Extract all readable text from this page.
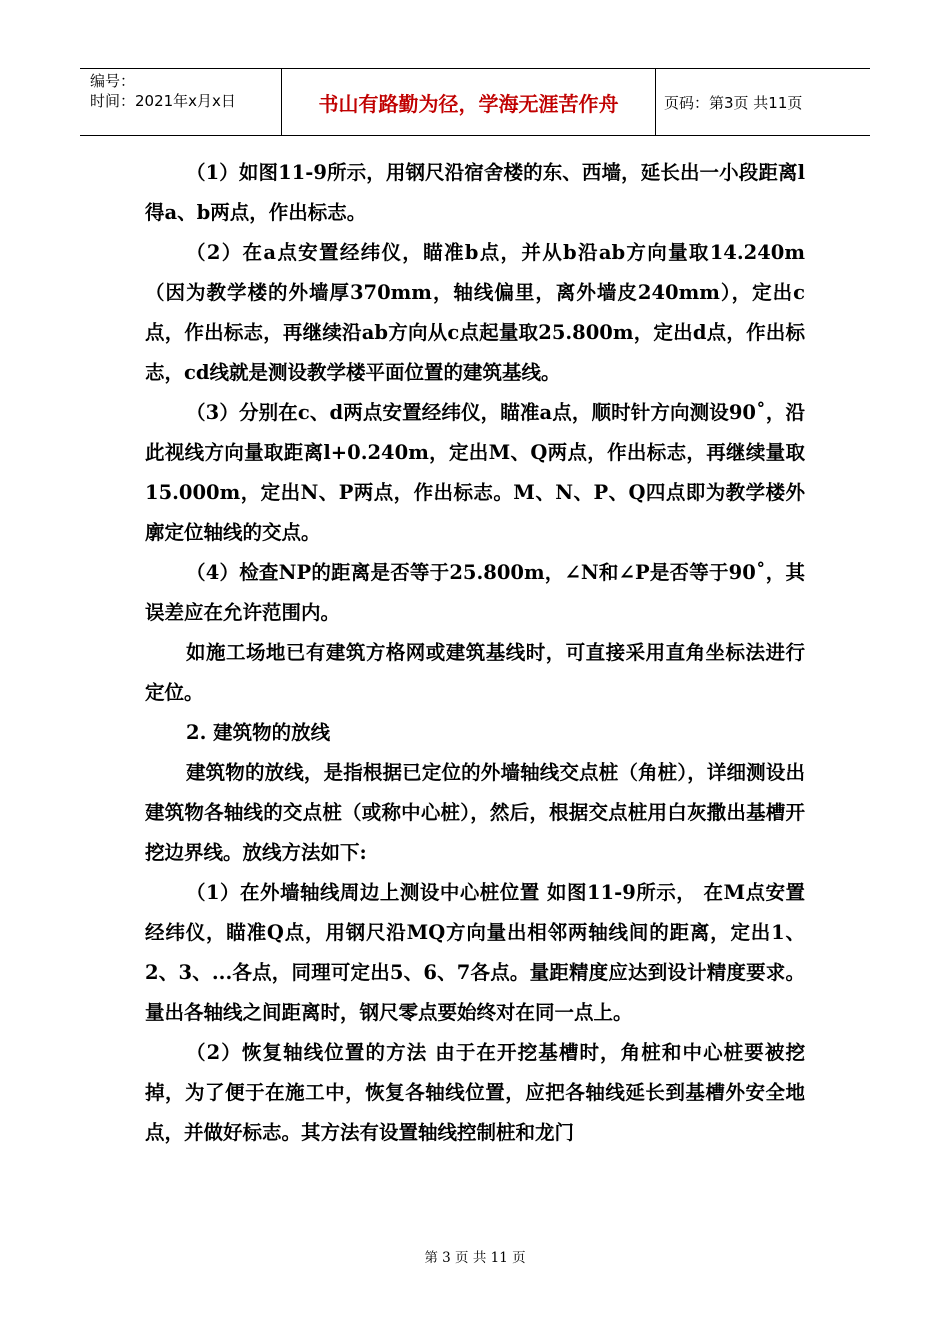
编号：
时间：2021年x月x日	书山有路勤为径，学海无涯苦作舟	页码：第3页 共11页

（1）如图11-9所示，用钢尺沿宿舍楼的东、西墙，延长出一小段距离l得a、b两点，作出标志。

（2）在a点安置经纬仪，瞄准b点，并从b沿ab方向量取14.240m（因为教学楼的外墙厚370mm，轴线偏里，离外墙皮240mm），定出c点，作出标志，再继续沿ab方向从c点起量取25.800m，定出d点，作出标志，cd线就是测设教学楼平面位置的建筑基线。

（3）分别在c、d两点安置经纬仪，瞄准a点，顺时针方向测设90˚，沿此视线方向量取距离l+0.240m，定出M、Q两点，作出标志，再继续量取15.000m，定出N、P两点，作出标志。M、N、P、Q四点即为教学楼外廓定位轴线的交点。

（4）检查NP的距离是否等于25.800m，∠N和∠P是否等于90˚，其误差应在允许范围内。

如施工场地已有建筑方格网或建筑基线时，可直接采用直角坐标法进行定位。

2. 建筑物的放线

建筑物的放线，是指根据已定位的外墙轴线交点桩（角桩），详细测设出建筑物各轴线的交点桩（或称中心桩），然后，根据交点桩用白灰撒出基槽开挖边界线。放线方法如下:

（1）在外墙轴线周边上测设中心桩位置 如图11-9所示， 在M点安置经纬仪，瞄准Q点，用钢尺沿MQ方向量出相邻两轴线间的距离，定出1、2、3、...各点，同理可定出5、6、7各点。量距精度应达到设计精度要求。量出各轴线之间距离时，钢尺零点要始终对在同一点上。

（2）恢复轴线位置的方法 由于在开挖基槽时，角桩和中心桩要被挖掉，为了便于在施工中，恢复各轴线位置，应把各轴线延长到基槽外安全地点，并做好标志。其方法有设置轴线控制桩和龙门

第 3 页 共 11 页
